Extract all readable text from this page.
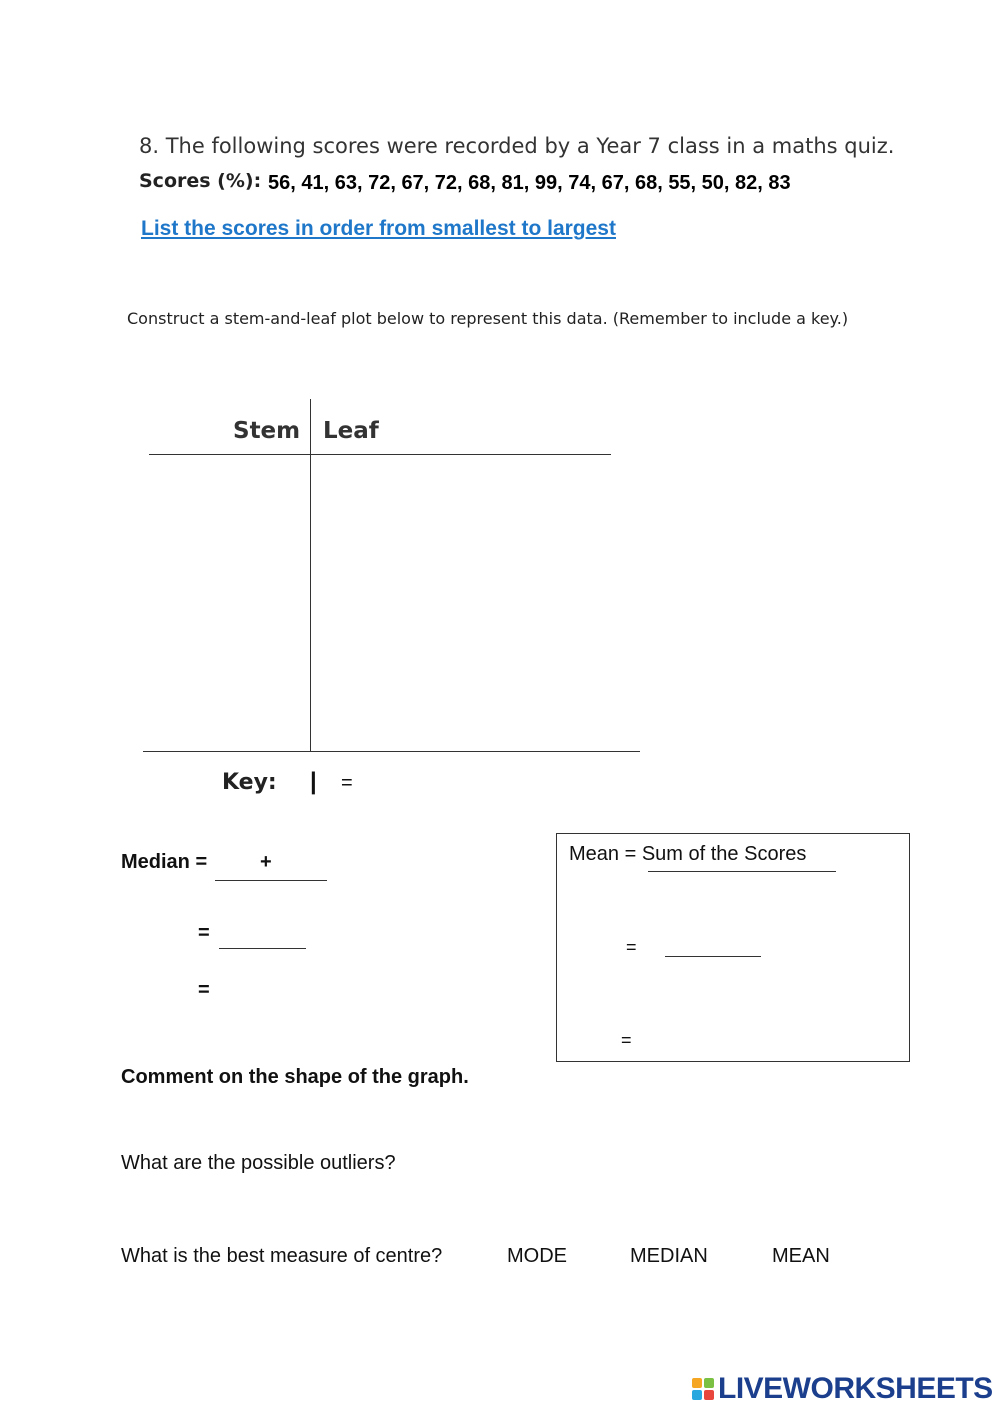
8. The following scores were recorded by a Year 7 class in a maths quiz.
Scores (%): 56, 41, 63, 72, 67, 72, 68, 81, 99, 74, 67, 68, 55, 50, 82, 83
List the scores in order from smallest to largest
Construct a stem-and-leaf plot below to represent this data. (Remember to include a key.)
Stem Leaf
Key: | =
Median =	+
=
=
Mean = Sum of the Scores
=
=
Comment on the shape of the graph.
What are the possible outliers?
What is the best measure of centre?	MODE	MEDIAN	MEAN
LIVEWORKSHEETS
